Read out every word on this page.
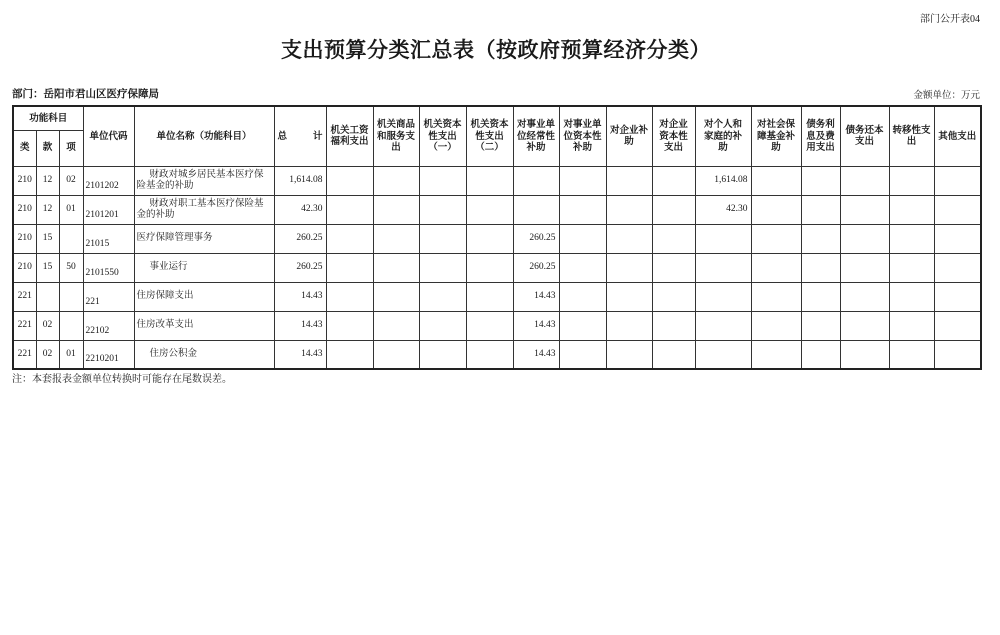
部门公开表04
支出预算分类汇总表（按政府预算经济分类）
部门：岳阳市君山区医疗保障局	金额单位：万元
功能科目			单位代码	单位名称（功能科目）	总　　计	机关工资福利支出	机关商品和服务支出	机关资本性支出（一）	机关资本性支出（二）	对事业单位经常性补助	对事业单位资本性补助	对企业补助	对企业资本性支出	对个人和家庭的补助	对社会保障基金补助	债务利息及费用支出	债务还本支出	转移性支出	其他支出
类	款	项																	
210	12	02	2101202	财政对城乡居民基本医疗保险基金的补助	1,614.08									1,614.08					
210	12	01	2101201	财政对职工基本医疗保险基金的补助	42.30									42.30					
210	15		21015	医疗保障管理事务	260.25					260.25									
210	15	50	2101550	事业运行	260.25					260.25									
221			221	住房保障支出	14.43					14.43									
221	02		22102	住房改革支出	14.43					14.43									
221	02	01	2210201	住房公积金	14.43					14.43									
注：本套报表金额单位转换时可能存在尾数误差。
